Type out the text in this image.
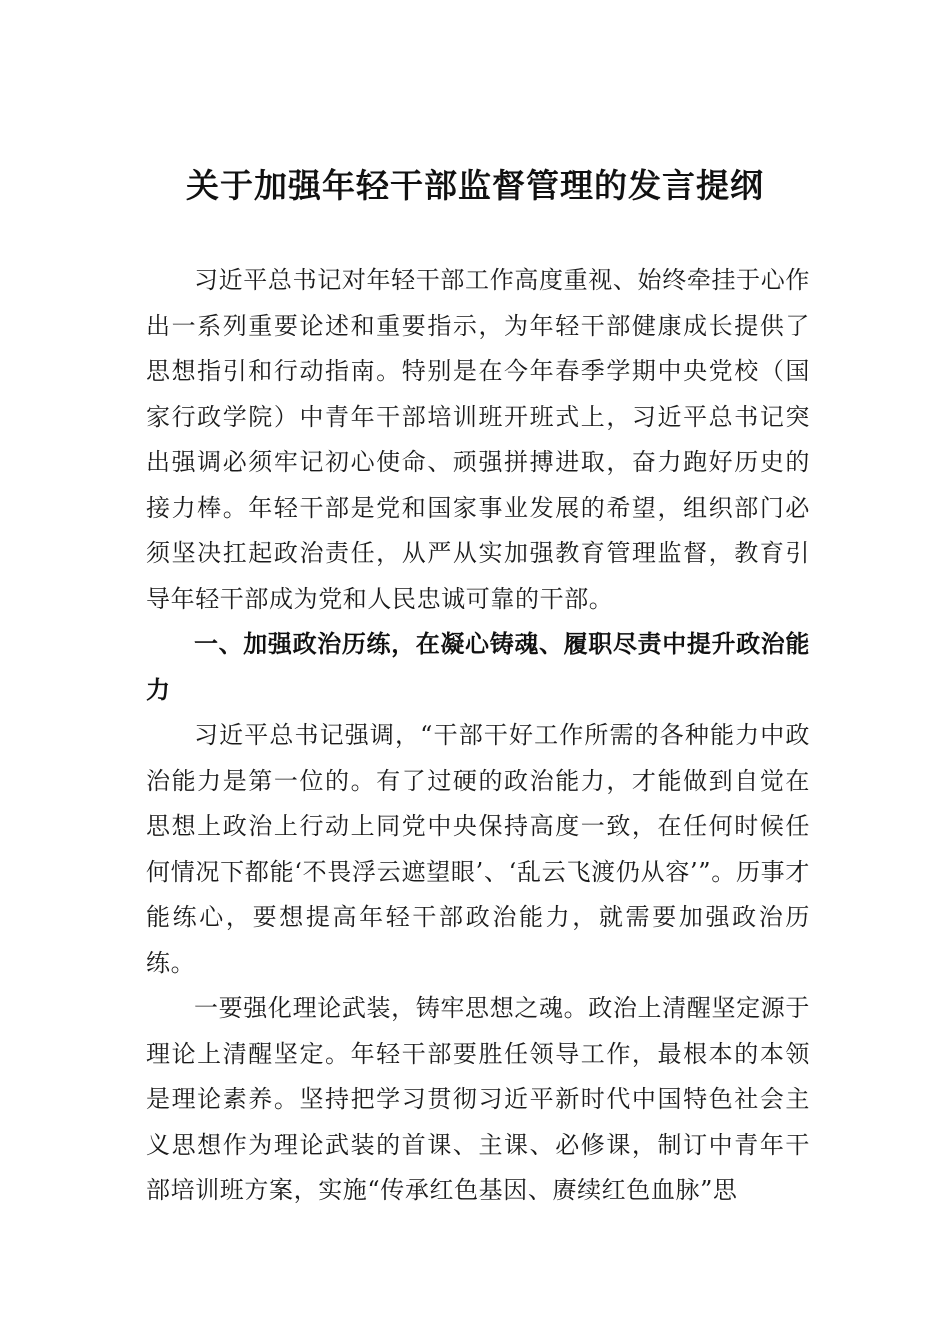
关于加强年轻干部监督管理的发言提纲

习近平总书记对年轻干部工作高度重视、始终牵挂于心作出一系列重要论述和重要指示，为年轻干部健康成长提供了思想指引和行动指南。特别是在今年春季学期中央党校（国家行政学院）中青年干部培训班开班式上，习近平总书记突出强调必须牢记初心使命、顽强拼搏进取，奋力跑好历史的接力棒。年轻干部是党和国家事业发展的希望，组织部门必须坚决扛起政治责任，从严从实加强教育管理监督，教育引导年轻干部成为党和人民忠诚可靠的干部。

一、加强政治历练，在凝心铸魂、履职尽责中提升政治能力

习近平总书记强调，“干部干好工作所需的各种能力中政治能力是第一位的。有了过硬的政治能力，才能做到自觉在思想上政治上行动上同党中央保持高度一致，在任何时候任何情况下都能‘不畏浮云遮望眼’、‘乱云飞渡仍从容’”。历事才能练心，要想提高年轻干部政治能力，就需要加强政治历练。

一要强化理论武装，铸牢思想之魂。政治上清醒坚定源于理论上清醒坚定。年轻干部要胜任领导工作，最根本的本领是理论素养。坚持把学习贯彻习近平新时代中国特色社会主义思想作为理论武装的首课、主课、必修课，制订中青年干部培训班方案，实施“传承红色基因、赓续红色血脉”思
